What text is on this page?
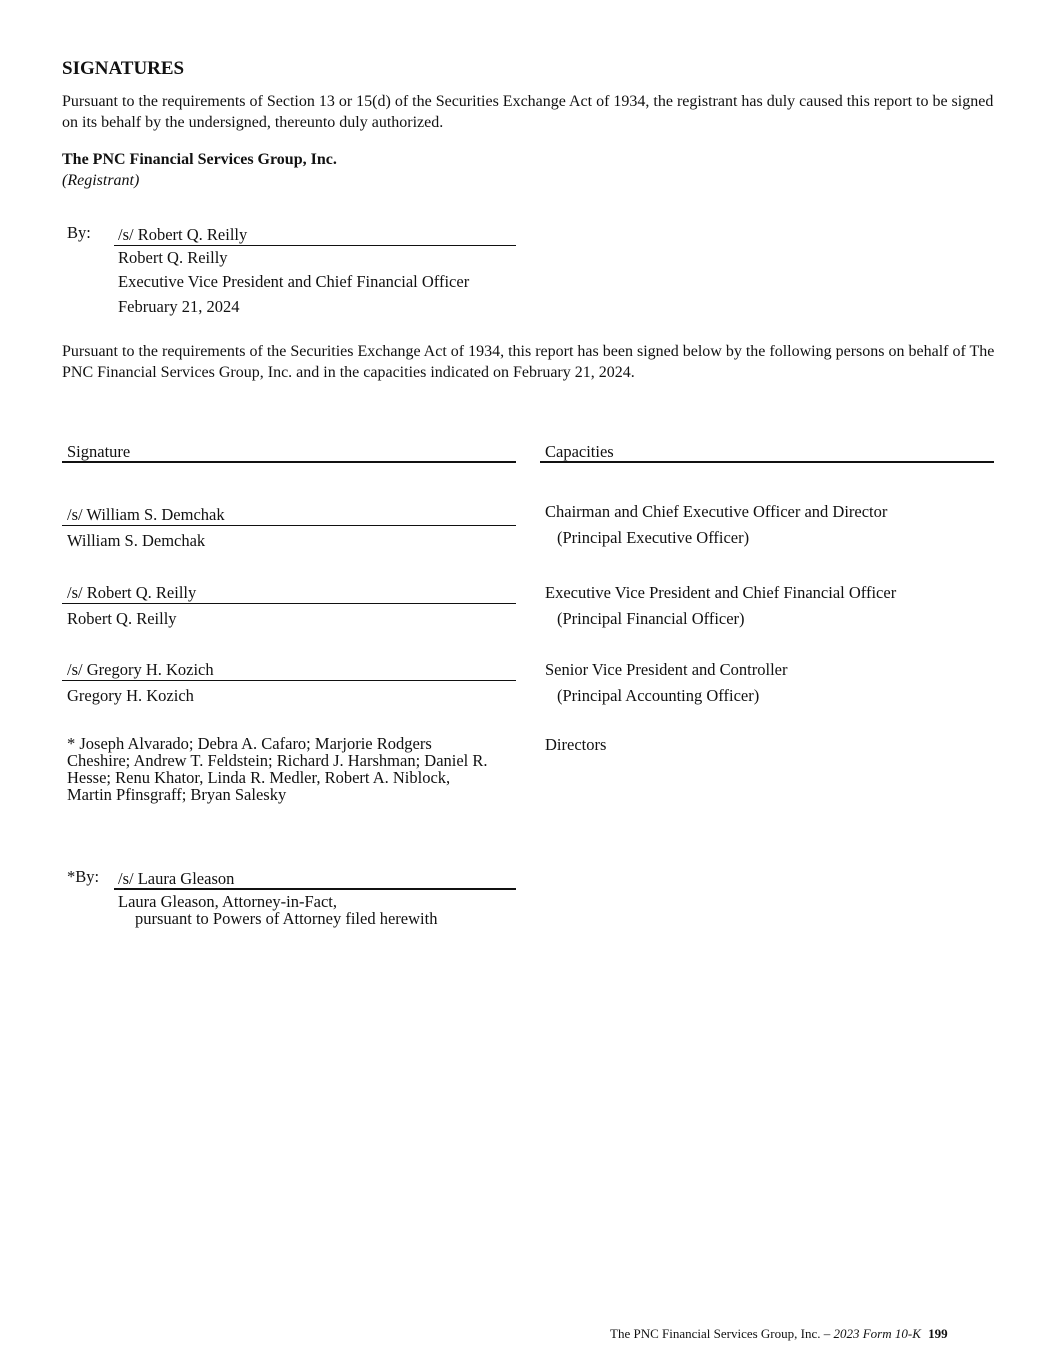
SIGNATURES
Pursuant to the requirements of Section 13 or 15(d) of the Securities Exchange Act of 1934, the registrant has duly caused this report to be signed on its behalf by the undersigned, thereunto duly authorized.
The PNC Financial Services Group, Inc.
(Registrant)
By: /s/ Robert Q. Reilly
Robert Q. Reilly
Executive Vice President and Chief Financial Officer
February 21, 2024
Pursuant to the requirements of the Securities Exchange Act of 1934, this report has been signed below by the following persons on behalf of The PNC Financial Services Group, Inc. and in the capacities indicated on February 21, 2024.
Signature	Capacities
/s/ William S. Demchak
William S. Demchak
Chairman and Chief Executive Officer and Director
(Principal Executive Officer)
/s/ Robert Q. Reilly
Robert Q. Reilly
Executive Vice President and Chief Financial Officer
(Principal Financial Officer)
/s/ Gregory H. Kozich
Gregory H. Kozich
Senior Vice President and Controller
(Principal Accounting Officer)
* Joseph Alvarado; Debra A. Cafaro; Marjorie Rodgers
Cheshire; Andrew T. Feldstein; Richard J. Harshman; Daniel R.
Hesse; Renu Khator, Linda R. Medler, Robert A. Niblock,
Martin Pfinsgraff; Bryan Salesky
Directors
*By: /s/ Laura Gleason
Laura Gleason, Attorney-in-Fact,
pursuant to Powers of Attorney filed herewith
The PNC Financial Services Group, Inc. – 2023 Form 10-K 199
